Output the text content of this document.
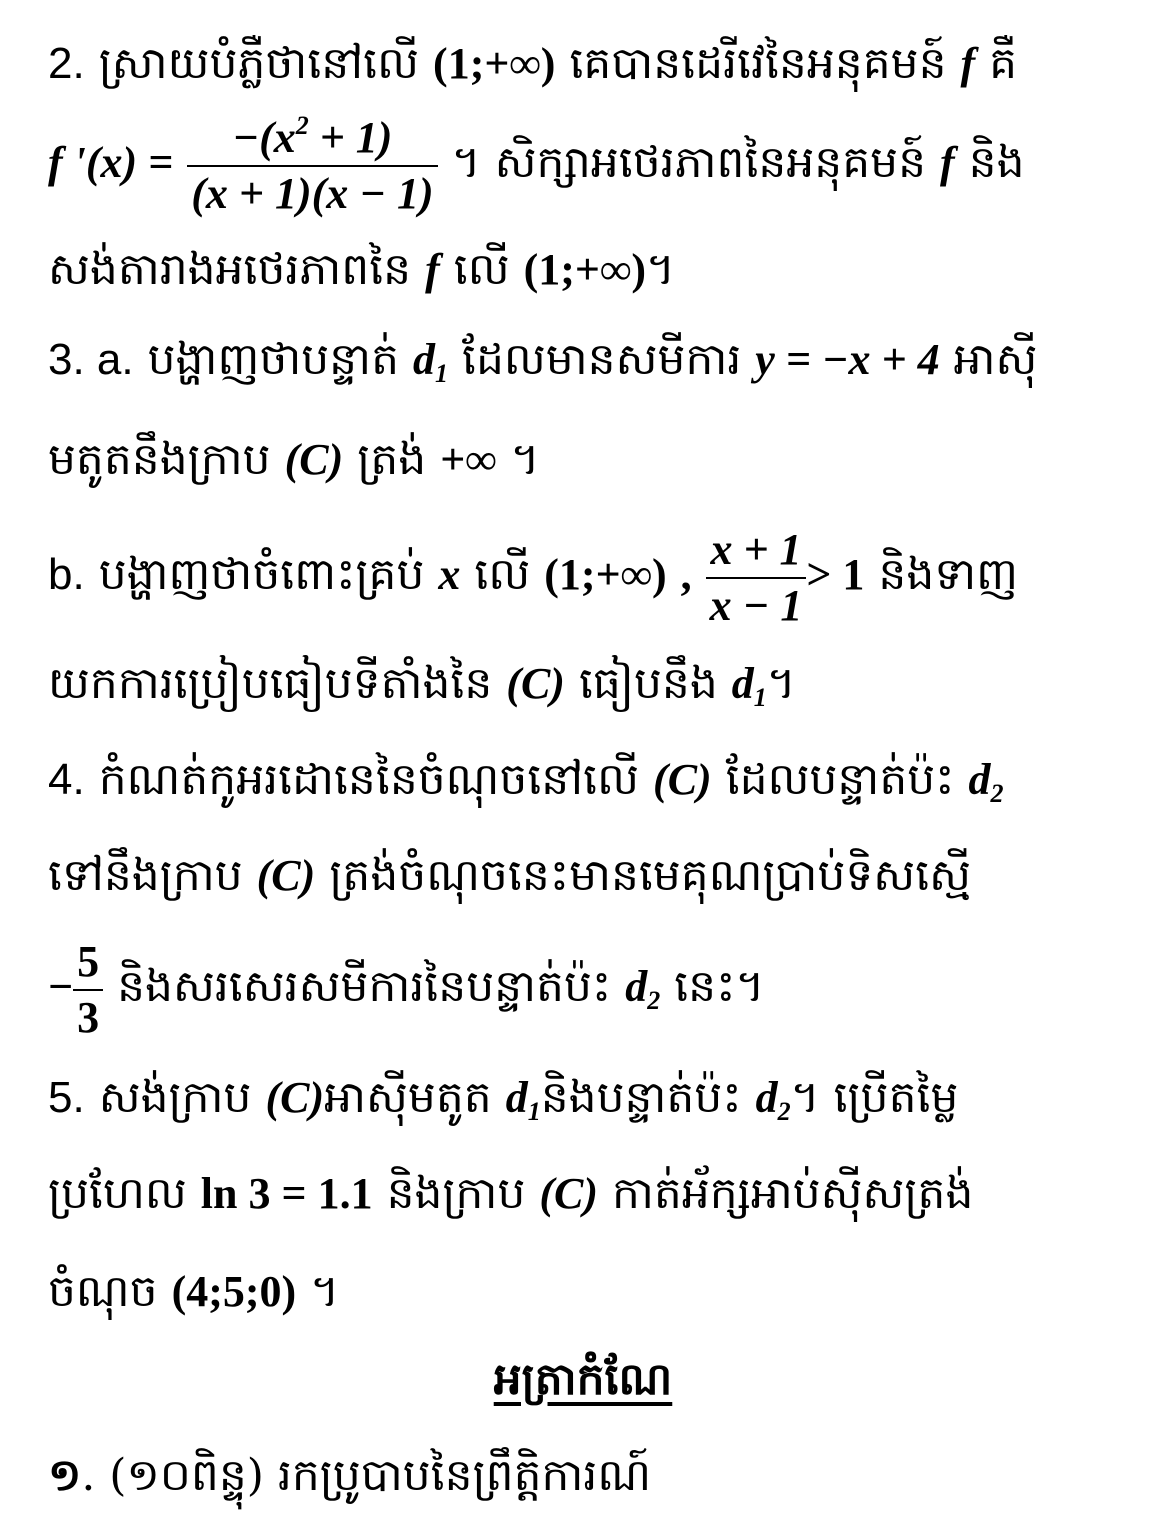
2. ស្រាយបំភ្លឺថានៅលើ (1;+∞) គេបានដេរីវេនៃអនុគមន៍ f គឺ
f '$(x) = \frac{-(x^2 + 1)}{(x + 1)(x - 1)}$ ។ សិក្សាអថេរភាពនៃអនុគមន៍ f និង
សង់តារាងអថេរភាពនៃ f លើ (1;+∞)។
3. a. បង្ហាញថាបន្ទាត់ $d_1$ ដែលមានសមីការ y = −x + 4 អាស៊ី
មតូតនឹងក្រាប (C) ត្រង់ +∞ ។
b. បង្ហាញថាចំពោះគ្រប់ x លើ (1;+∞) , $\frac{x + 1}{x - 1} > 1$ និងទាញ
យកការប្រៀបធៀបទីតាំងនៃ (C) ធៀបនឹង $d_1$។
4. កំណត់កូអរដោនេនៃចំណុចនៅលើ (C) ដែលបន្ទាត់ប៉ះ $d_2$
ទៅនឹងក្រាប (C) ត្រង់ចំណុចនេះមានមេគុណប្រាប់ទិសស្មើ
− $\frac{5}{3}$ និងសរសេរសមីការនៃបន្ទាត់ប៉ះ $d_2$ នេះ។
5. សង់ក្រាប (C)អាស៊ីមតូត $d_1$និងបន្ទាត់ប៉ះ $d_2$។ ប្រើតម្លៃ
ប្រហែល ln 3 = 1.1 និងក្រាប (C) កាត់អ័ក្សអាប់ស៊ីសត្រង់
ចំណុច (4;5;0) ។
អត្រាកំណែ
១. (១០ពិន្ទុ) រកប្រូបាបនៃព្រឹត្តិការណ៍
